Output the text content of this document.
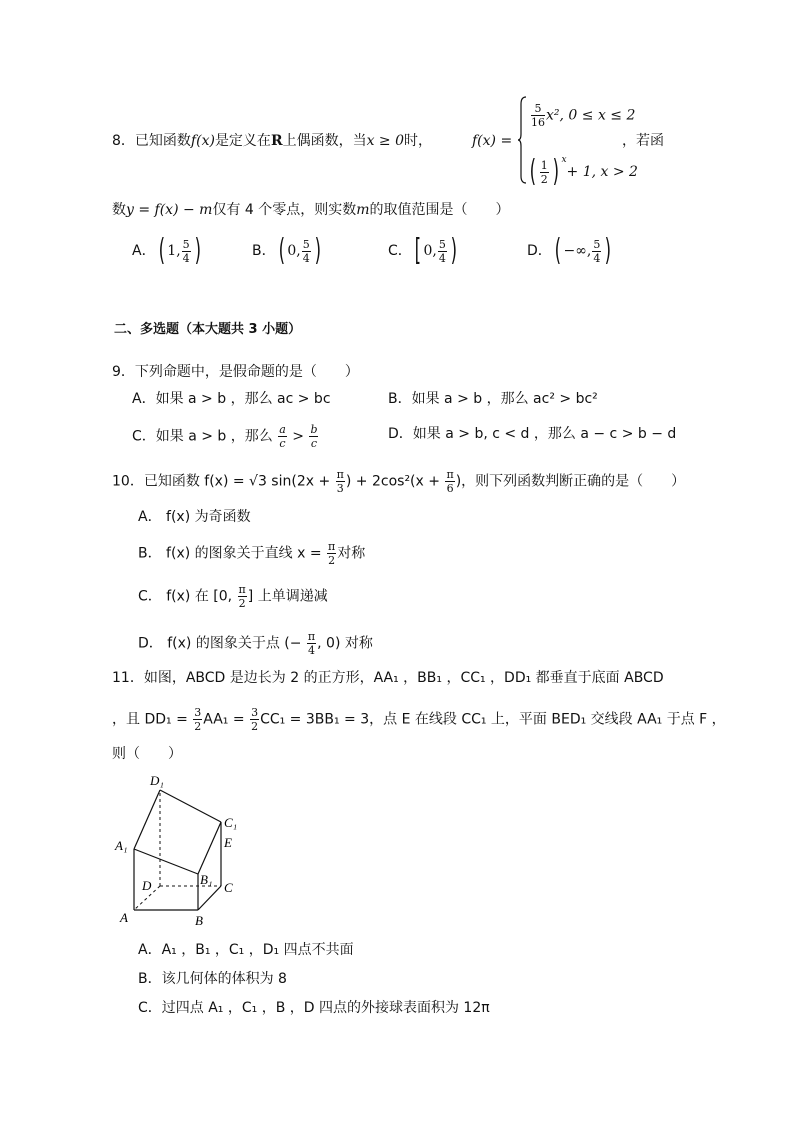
8．已知函数f(x)是定义在R上偶函数，当x ≥ 0时，	f(x) =
$\frac{5}{16} x^2$, 0 ≤ x ≤ 2
( $\frac{1}{2}$ ) $^x$+ 1, x > 2
，若函
数y = f(x) − m仅有 4 个零点，则实数m的取值范围是（　　）
A．( 1, $\frac{5}{4}$ )	B．( 0, $\frac{5}{4}$ )	C．[ 0, $\frac{5}{4}$ )	D．( −∞, $\frac{5}{4}$ )
二、多选题（本大题共 3 小题）
9．下列命题中，是假命题的是（　　）
A．如果 a > b ，那么 ac > bc	B．如果 a > b ，那么 ac² > bc²
C．如果 a > b ，那么 $\frac{a}{c} > \frac{b}{c}$	D．如果 a > b, c < d ，那么 a − c > b − d
10．已知函数 f(x) = √3 $\sin(2x + \frac{\pi}{3}$ ) + $2\cos^2(x + \frac{\pi}{6}$ )，则下列函数判断正确的是（　　）
A． f(x) 为奇函数
B． f(x) 的图象关于直线 $x = \frac{\pi}{2}$ 对称
C． f(x) 在 [0, $\frac{\pi}{2}$ ] 上单调递减
D． f(x) 的图象关于点 (− $\frac{\pi}{4}$ , 0) 对称
11．如图，ABCD 是边长为 2 的正方形，AA₁ ，BB₁ ，CC₁ ，DD₁ 都垂直于底面 ABCD
，且 $DD_1 = \frac{3}{2} AA_1 = \frac{3}{2} CC_1 = 3BB_1 = 3$，点 E 在线段 CC₁ 上，平面 BED₁ 交线段 AA₁ 于点 F ，
则（　　）
D₁
C₁
A₁	E
B₁
D	C
A	B
A．A₁ ，B₁ ，C₁ ，D₁ 四点不共面
B．该几何体的体积为 8
C．过四点 A₁ ，C₁ ，B ，D 四点的外接球表面积为 12π
